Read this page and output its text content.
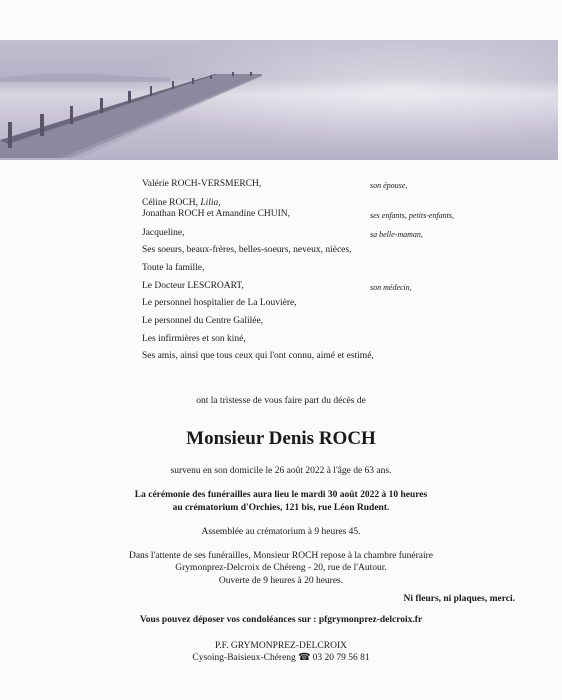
Valérie ROCH-VERSMERCH,	son épouse,
Céline ROCH, Lilia,
Jonathan ROCH et Amandine CHUIN,	ses enfants, petits-enfants,
Jacqueline,	sa belle-maman,
Ses soeurs, beaux-frères, belles-soeurs, neveux, nièces,
Toute la famille,
Le Docteur LESCROART,	son médecin,
Le personnel hospitalier de La Louvière,
Le personnel du Centre Galilée,
Les infirmières et son kiné,
Ses amis, ainsi que tous ceux qui l'ont connu, aimé et estimé,
ont la tristesse de vous faire part du décès de
Monsieur Denis ROCH
survenu en son domicile le 26 août 2022 à l'âge de 63 ans.
La cérémonie des funérailles aura lieu le mardi 30 août 2022 à 10 heures
au crématorium d'Orchies, 121 bis, rue Léon Rudent.
Assemblée au crématorium à 9 heures 45.
Dans l'attente de ses funérailles, Monsieur ROCH repose à la chambre funéraire
Grymonprez-Delcroix de Chéreng - 20, rue de l'Autour.
Ouverte de 9 heures à 20 heures.
Ni fleurs, ni plaques, merci.
Vous pouvez déposer vos condoléances sur : pfgrymonprez-delcroix.fr
P.F. GRYMONPREZ-DELCROIX
Cysoing-Baisieux-Chéreng ☎ 03 20 79 56 81
